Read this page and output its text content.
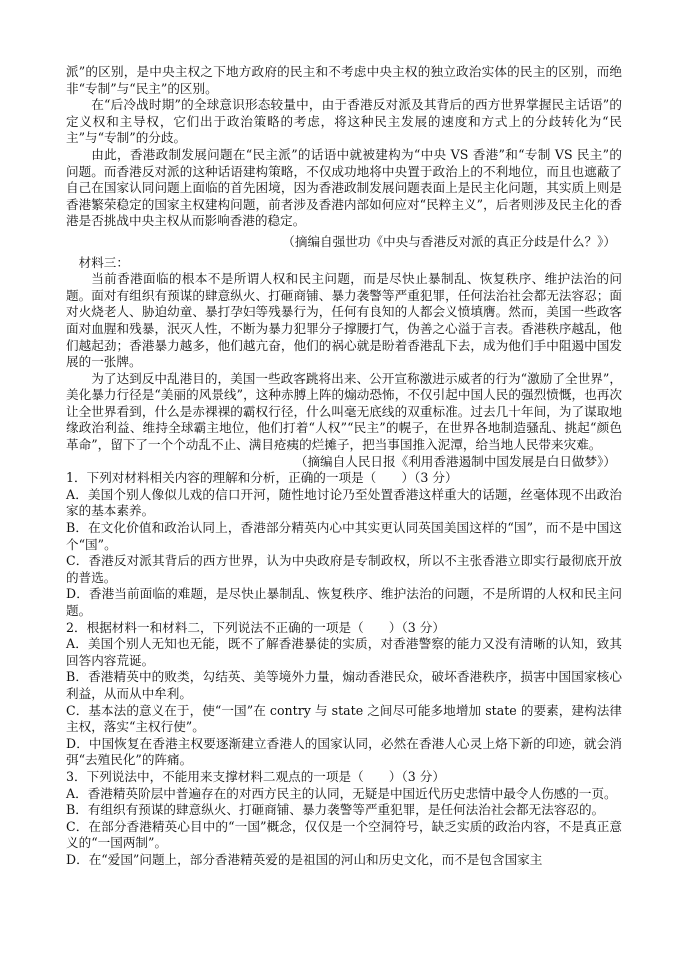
派”的区别，是中央主权之下地方政府的民主和不考虑中央主权的独立政治实体的民主的区别，而绝非“专制”与“民主”的区别。

在“后冷战时期”的全球意识形态较量中，由于香港反对派及其背后的西方世界掌握民主话语”的定义权和主导权，它们出于政治策略的考虑，将这种民主发展的速度和方式上的分歧转化为“民主”与“专制”的分歧。

由此，香港政制发展问题在“民主派”的话语中就被建构为“中央 VS 香港”和“专制 VS 民主”的问题。而香港反对派的这种话语建构策略，不仅成功地将中央置于政治上的不利地位，而且也遮蔽了自己在国家认同问题上面临的首先困境，因为香港政制发展问题表面上是民主化问题，其实质上则是香港繁荣稳定的国家主权建构问题，前者涉及香港内部如何应对“民粹主义”，后者则涉及民主化的香港是否挑战中央主权从而影响香港的稳定。

（摘编自强世功《中央与香港反对派的真正分歧是什么？》）

材料三：

当前香港面临的根本不是所谓人权和民主问题，而是尽快止暴制乱、恢复秩序、维护法治的问题。面对有组织有预谋的肆意纵火、打砸商铺、暴力袭警等严重犯罪，任何法治社会都无法容忍；面对火烧老人、胁迫幼童、暴打孕妇等残暴行为，任何有良知的人都会义愤填膺。然而，美国一些政客面对血腥和残暴，泯灭人性，不断为暴力犯罪分子撑腰打气，伪善之心溢于言表。香港秩序越乱，他们越起劲；香港暴力越多，他们越亢奋，他们的祸心就是盼着香港乱下去，成为他们手中阻遏中国发展的一张牌。

为了达到反中乱港目的，美国一些政客跳将出来、公开宣称激进示威者的行为“激励了全世界”，美化暴力行径是“美丽的风景线”，这种赤膊上阵的煽动恐怖，不仅引起中国人民的强烈愤慨，也再次让全世界看到，什么是赤裸裸的霸权行径，什么叫毫无底线的双重标准。过去几十年间，为了谋取地缘政治利益、维持全球霸主地位，他们打着“人权”“民主”的幌子，在世界各地制造骚乱、挑起“颜色革命”，留下了一个个动乱不止、满目疮痍的烂摊子，把当事国推入泥潭，给当地人民带来灾难。

（摘编自人民日报《利用香港遏制中国发展是白日做梦》）

1．下列对材料相关内容的理解和分析，正确的一项是（　　）（3 分）

A．美国个别人像似儿戏的信口开河，随性地讨论乃至处置香港这样重大的话题，丝毫体现不出政治家的基本素养。

B．在文化价值和政治认同上，香港部分精英内心中其实更认同英国美国这样的“国”，而不是中国这个“国”。

C．香港反对派其背后的西方世界，认为中央政府是专制政权，所以不主张香港立即实行最彻底开放的普选。

D．香港当前面临的难题，是尽快止暴制乱、恢复秩序、维护法治的问题，不是所谓的人权和民主问题。

2．根据材料一和材料二，下列说法不正确的一项是（　　）（3 分）

A．美国个别人无知也无能，既不了解香港暴徒的实质，对香港警察的能力又没有清晰的认知，致其回答内容荒诞。

B．香港精英中的败类，勾结英、美等境外力量，煽动香港民众，破坏香港秩序，损害中国国家核心利益，从而从中牟利。

C．基本法的意义在于，使“一国”在 contry 与 state 之间尽可能多地增加 state 的要素，建构法律主权，落实“主权行使”。

D．中国恢复在香港主权要逐渐建立香港人的国家认同，必然在香港人心灵上烙下新的印迹，就会消弭“去殖民化”的阵痛。

3．下列说法中，不能用来支撑材料二观点的一项是（　　）（3 分）

A．香港精英阶层中普遍存在的对西方民主的认同，无疑是中国近代历史悲情中最令人伤感的一页。

B．有组织有预谋的肆意纵火、打砸商铺、暴力袭警等严重犯罪，是任何法治社会都无法容忍的。

C．在部分香港精英心目中的“一国”概念，仅仅是一个空洞符号，缺乏实质的政治内容，不是真正意义的“一国两制”。

D．在“爱国”问题上，部分香港精英爱的是祖国的河山和历史文化，而不是包含国家主
